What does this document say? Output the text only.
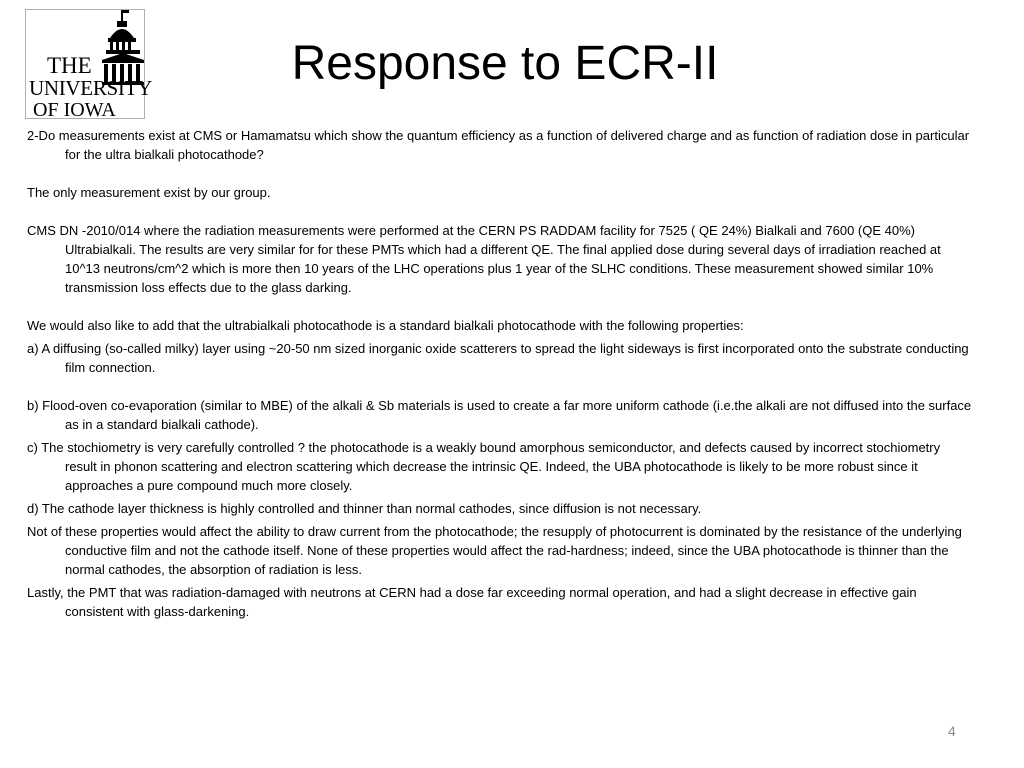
THE
UNIVERSITY
OF IOWA
Response to ECR-II

2-Do measurements exist at CMS or Hamamatsu which show the quantum efficiency as a function of delivered charge and as function of radiation dose in particular for the ultra bialkali photocathode?

The only measurement exist by our group.

CMS DN -2010/014 where the radiation measurements were performed at the CERN PS RADDAM facility for 7525 ( QE 24%) Bialkali and 7600 (QE 40%) Ultrabialkali. The results are very similar for for these PMTs which had a different QE. The final applied dose during several days of irradiation reached at 10^13 neutrons/cm^2 which is more then 10 years of the LHC operations plus 1 year of the SLHC conditions. These measurement showed similar 10% transmission loss effects due to the glass darking.

We would also like to add that the ultrabialkali photocathode is a standard bialkali photocathode with the following properties:

a) A diffusing (so-called milky) layer using ~20-50 nm sized inorganic oxide scatterers to spread the light sideways is first incorporated onto the substrate conducting film connection.

b) Flood-oven co-evaporation (similar to MBE) of the alkali & Sb materials is used to create a far more uniform cathode (i.e.the alkali are not diffused into the surface as in a standard bialkali cathode).

c) The stochiometry is very carefully controlled ? the photocathode is a weakly bound amorphous semiconductor, and defects caused by incorrect stochiometry result in phonon scattering and electron scattering which decrease the intrinsic QE. Indeed, the UBA photocathode is likely to be more robust since it approaches a pure compound much more closely.

d) The cathode layer thickness is highly controlled and thinner than normal cathodes, since diffusion is not necessary.

Not of these properties would affect the ability to draw current from the photocathode; the resupply of photocurrent is dominated by the resistance of the underlying conductive film and not the cathode itself. None of these properties would affect the rad-hardness; indeed, since the UBA photocathode is thinner than the normal cathodes, the absorption of radiation is less.

Lastly, the PMT that was radiation-damaged with neutrons at CERN had a dose far exceeding normal operation, and had a slight decrease in effective gain consistent with glass-darkening.

4
